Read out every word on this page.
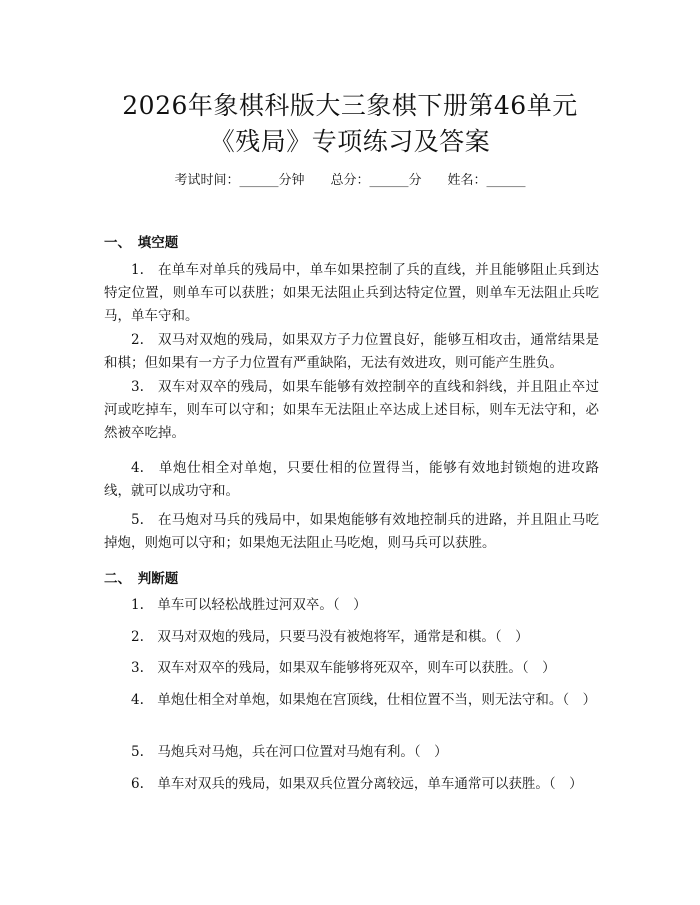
2026年象棋科版大三象棋下册第46单元
《残局》专项练习及答案
考试时间：______分钟　　总分：______分　　姓名：______
一、　填空题
1.　在单车对单兵的残局中，单车如果控制了兵的直线，并且能够阻止兵到达特定位置，则单车可以获胜；如果无法阻止兵到达特定位置，则单车无法阻止兵吃马，单车守和。
2.　双马对双炮的残局，如果双方子力位置良好，能够互相攻击，通常结果是和棋；但如果有一方子力位置有严重缺陷，无法有效进攻，则可能产生胜负。
3.　双车对双卒的残局，如果车能够有效控制卒的直线和斜线，并且阻止卒过河或吃掉车，则车可以守和；如果车无法阻止卒达成上述目标，则车无法守和，必然被卒吃掉。
4.　单炮仕相全对单炮，只要仕相的位置得当，能够有效地封锁炮的进攻路线，就可以成功守和。
5.　在马炮对马兵的残局中，如果炮能够有效地控制兵的进路，并且阻止马吃掉炮，则炮可以守和；如果炮无法阻止马吃炮，则马兵可以获胜。
二、　判断题
1.　单车可以轻松战胜过河双卒。（　）
2.　双马对双炮的残局，只要马没有被炮将军，通常是和棋。（　）
3.　双车对双卒的残局，如果双车能够将死双卒，则车可以获胜。（　）
4.　单炮仕相全对单炮，如果炮在宫顶线，仕相位置不当，则无法守和。（　）
5.　马炮兵对马炮，兵在河口位置对马炮有利。（　）
6.　单车对双兵的残局，如果双兵位置分离较远，单车通常可以获胜。（　）
